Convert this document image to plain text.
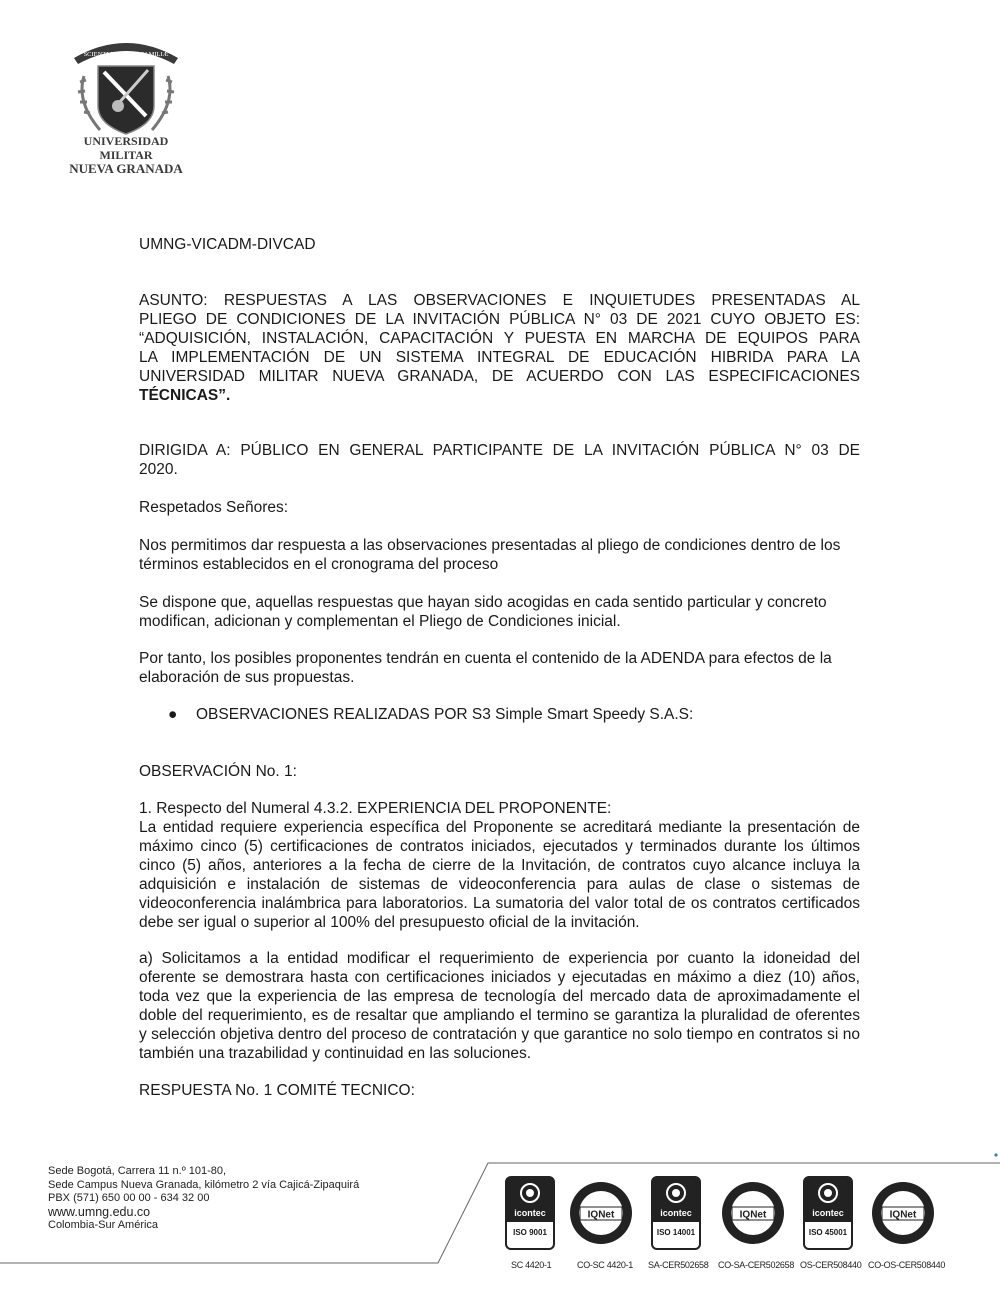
SCIENTIÆ PATRIÆ FAMILIÆ
UNIVERSIDAD MILITAR
NUEVA GRANADA
UMNG-VICADM-DIVCAD
ASUNTO: RESPUESTAS A LAS OBSERVACIONES E INQUIETUDES PRESENTADAS AL
PLIEGO DE CONDICIONES DE LA INVITACIÓN PÚBLICA N° 03 DE 2021 CUYO OBJETO ES:
“ADQUISICIÓN, INSTALACIÓN, CAPACITACIÓN Y PUESTA EN MARCHA DE EQUIPOS PARA
LA IMPLEMENTACIÓN DE UN SISTEMA INTEGRAL DE EDUCACIÓN HIBRIDA PARA LA
UNIVERSIDAD MILITAR NUEVA GRANADA, DE ACUERDO CON LAS ESPECIFICACIONES
TÉCNICAS”.
DIRIGIDA A: PÚBLICO EN GENERAL PARTICIPANTE DE LA INVITACIÓN PÚBLICA N° 03 DE
2020.
Respetados Señores:

Nos permitimos dar respuesta a las observaciones presentadas al pliego de condiciones dentro de los términos establecidos en el cronograma del proceso

Se dispone que, aquellas respuestas que hayan sido acogidas en cada sentido particular y concreto modifican, adicionan y complementan el Pliego de Condiciones inicial.

Por tanto, los posibles proponentes tendrán en cuenta el contenido de la ADENDA para efectos de la elaboración de sus propuestas.

● OBSERVACIONES REALIZADAS POR S3 Simple Smart Speedy S.A.S:
OBSERVACIÓN No. 1:
1. Respecto del Numeral 4.3.2. EXPERIENCIA DEL PROPONENTE:
La entidad requiere experiencia específica del Proponente se acreditará mediante la presentación de máximo cinco (5) certificaciones de contratos iniciados, ejecutados y terminados durante los últimos cinco (5) años, anteriores a la fecha de cierre de la Invitación, de contratos cuyo alcance incluya la adquisición e instalación de sistemas de videoconferencia para aulas de clase o sistemas de videoconferencia inalámbrica para laboratorios. La sumatoria del valor total de os contratos certificados debe ser igual o superior al 100% del presupuesto oficial de la invitación.

a) Solicitamos a la entidad modificar el requerimiento de experiencia por cuanto la idoneidad del oferente se demostrara hasta con certificaciones iniciados y ejecutadas en máximo a diez (10) años, toda vez que la experiencia de las empresa de tecnología del mercado data de aproximadamente el doble del requerimiento, es de resaltar que ampliando el termino se garantiza la pluralidad de oferentes y selección objetiva dentro del proceso de contratación y que garantice no solo tiempo en contratos si no también una trazabilidad y continuidad en las soluciones.

RESPUESTA No. 1 COMITÉ TECNICO:
Sede Bogotá, Carrera 11 n.º 101-80,
Sede Campus Nueva Granada, kilómetro 2 vía Cajicá-Zipaquirá
PBX (571) 650 00 00 - 634 32 00
www.umng.edu.co
Colombia-Sur América
icontec
ISO 9001
IQNet	icontec
ISO 14001
IQNet	icontec
ISO 45001
IQNet
SC 4420-1	CO-SC 4420-1 SA-CER502658 CO-SA-CER502658 OS-CER508440 CO-OS-CER508440
